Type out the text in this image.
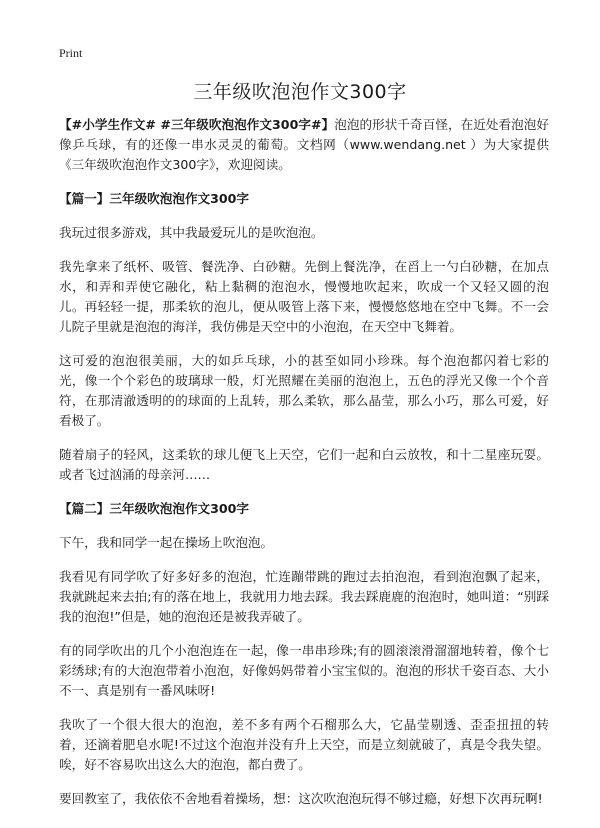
Print
三年级吹泡泡作文300字

【#小学生作文# #三年级吹泡泡作文300字#】泡泡的形状千奇百怪，在近处看泡泡好像乒乓球，有的还像一串水灵灵的葡萄。文档网（www.wendang.net ）为大家提供《三年级吹泡泡作文300字》，欢迎阅读。

【篇一】三年级吹泡泡作文300字

我玩过很多游戏，其中我最爱玩儿的是吹泡泡。

我先拿来了纸杯、吸管、餐洗净、白砂糖。先倒上餐洗净，在舀上一勺白砂糖，在加点水，和弄和弄使它融化，粘上黏稠的泡泡水，慢慢地吹起来，吹成一个又轻又圆的泡儿。再轻轻一提，那柔软的泡儿，便从吸管上落下来，慢慢悠悠地在空中飞舞。不一会儿院子里就是泡泡的海洋，我仿佛是天空中的小泡泡，在天空中飞舞着。

这可爱的泡泡很美丽，大的如乒乓球，小的甚至如同小珍珠。每个泡泡都闪着七彩的光，像一个个彩色的玻璃球一般，灯光照耀在美丽的泡泡上，五色的浮光又像一个个音符，在那清澈透明的的球面的上乱转，那么柔软，那么晶莹，那么小巧，那么可爱，好看极了。

随着扇子的轻风，这柔软的球儿便飞上天空，它们一起和白云放牧，和十二星座玩耍。或者飞过汹涌的母亲河……

【篇二】三年级吹泡泡作文300字

下午，我和同学一起在操场上吹泡泡。

我看见有同学吹了好多好多的泡泡，忙连蹦带跳的跑过去拍泡泡，看到泡泡飘了起来，我就跳起来去拍;有的落在地上，我就用力地去踩。我去踩鹿鹿的泡泡时，她叫道：“别踩我的泡泡!”但是，她的泡泡还是被我弄破了。

有的同学吹出的几个小泡泡连在一起，像一串串珍珠;有的圆滚滚滑溜溜地转着，像个七彩绣球;有的大泡泡带着小泡泡，好像妈妈带着小宝宝似的。泡泡的形状千姿百态、大小不一、真是别有一番风味呀!

我吹了一个很大很大的泡泡，差不多有两个石榴那么大，它晶莹剔透、歪歪扭扭的转着，还滴着肥皂水呢!不过这个泡泡并没有升上天空，而是立刻就破了，真是令我失望。唉，好不容易吹出这么大的泡泡，都白费了。

要回教室了，我依依不舍地看着操场，想：这次吹泡泡玩得不够过瘾，好想下次再玩啊!
